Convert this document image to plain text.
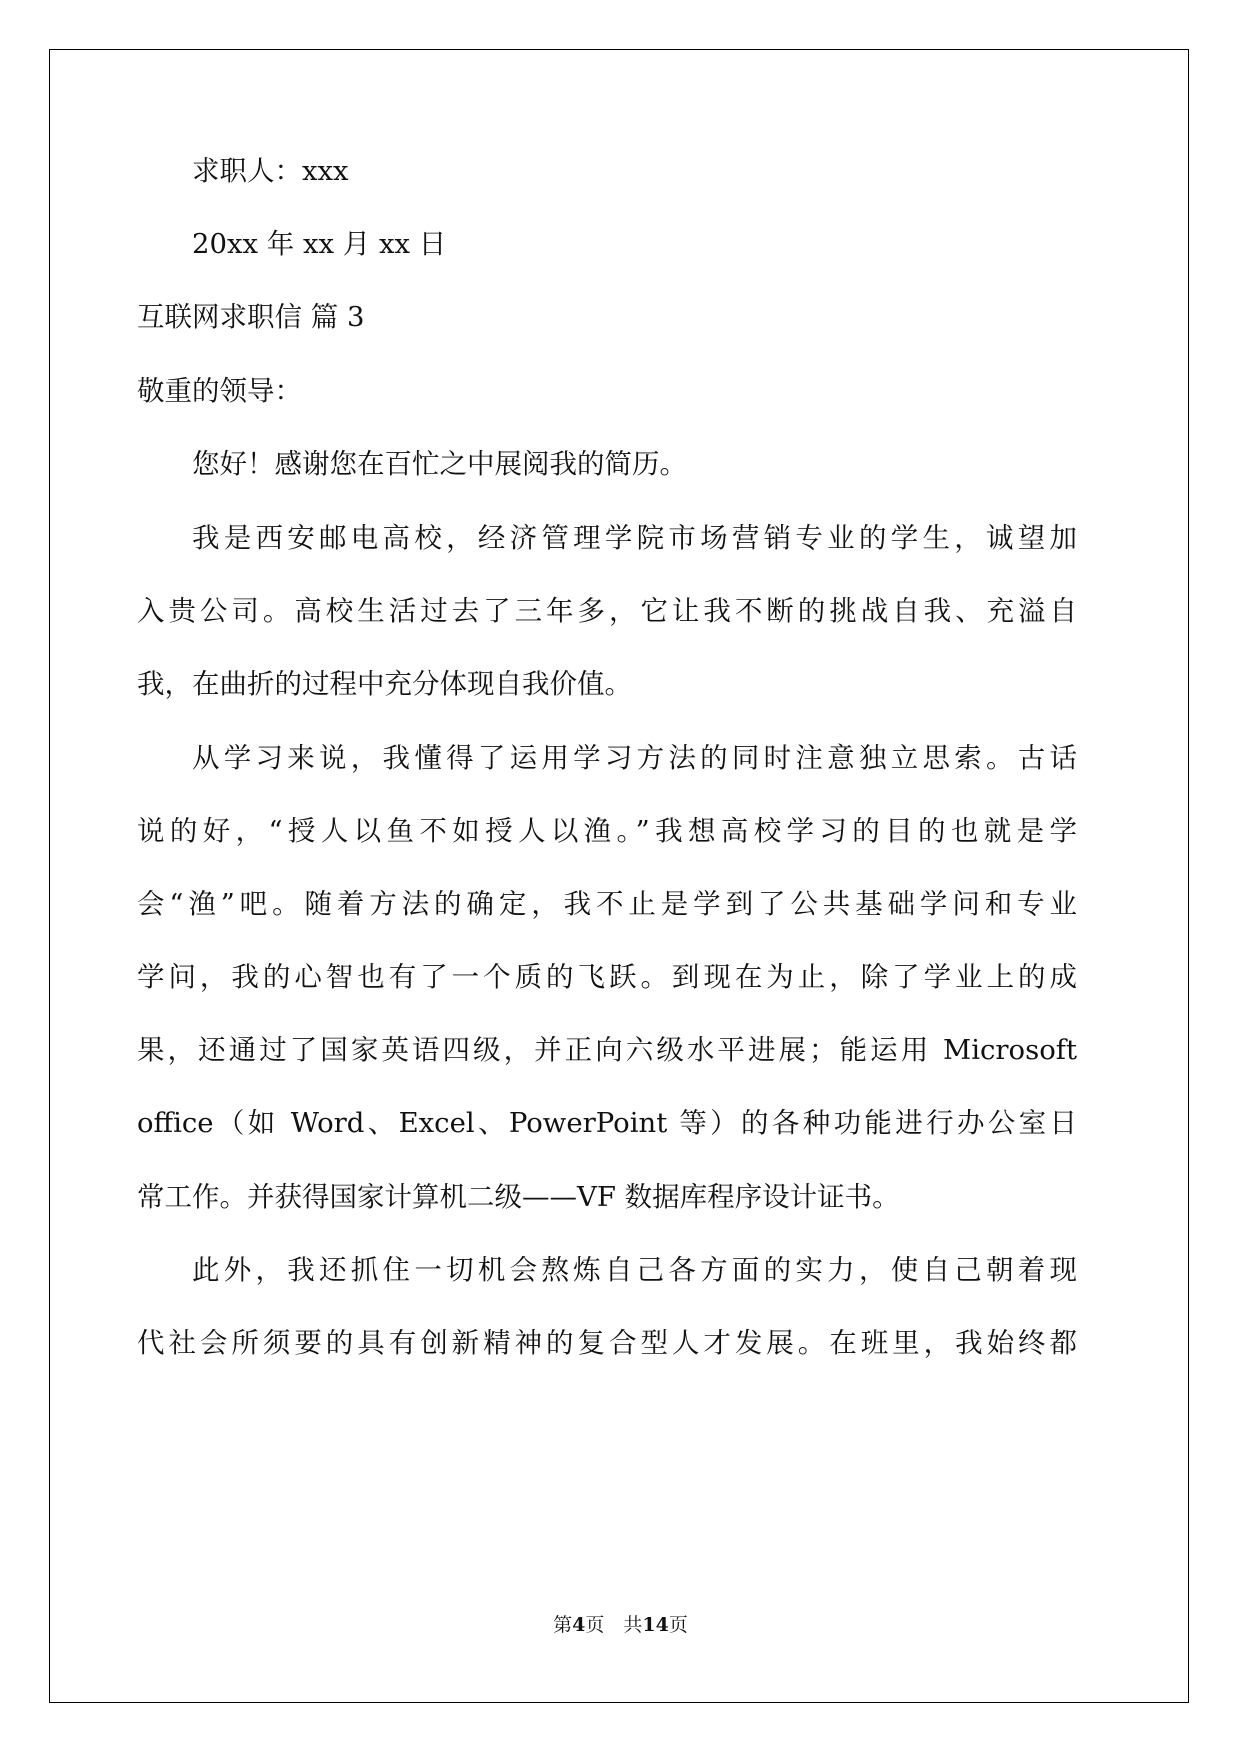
求职人：xxx
20xx 年 xx 月 xx 日
互联网求职信 篇 3
敬重的领导：
您好！感谢您在百忙之中展阅我的简历。
我是西安邮电高校，经济管理学院市场营销专业的学生，诚望加
入贵公司。高校生活过去了三年多，它让我不断的挑战自我、充溢自
我，在曲折的过程中充分体现自我价值。
从学习来说，我懂得了运用学习方法的同时注意独立思索。古话
说的好，“授人以鱼不如授人以渔。”我想高校学习的目的也就是学
会“渔”吧。随着方法的确定，我不止是学到了公共基础学问和专业
学问，我的心智也有了一个质的飞跃。到现在为止，除了学业上的成
果，还通过了国家英语四级，并正向六级水平进展；能运用 Microsoft
office（如 Word、Excel、PowerPoint 等）的各种功能进行办公室日
常工作。并获得国家计算机二级——VF 数据库程序设计证书。
此外，我还抓住一切机会熬炼自己各方面的实力，使自己朝着现
代社会所须要的具有创新精神的复合型人才发展。在班里，我始终都
第4页　共14页
